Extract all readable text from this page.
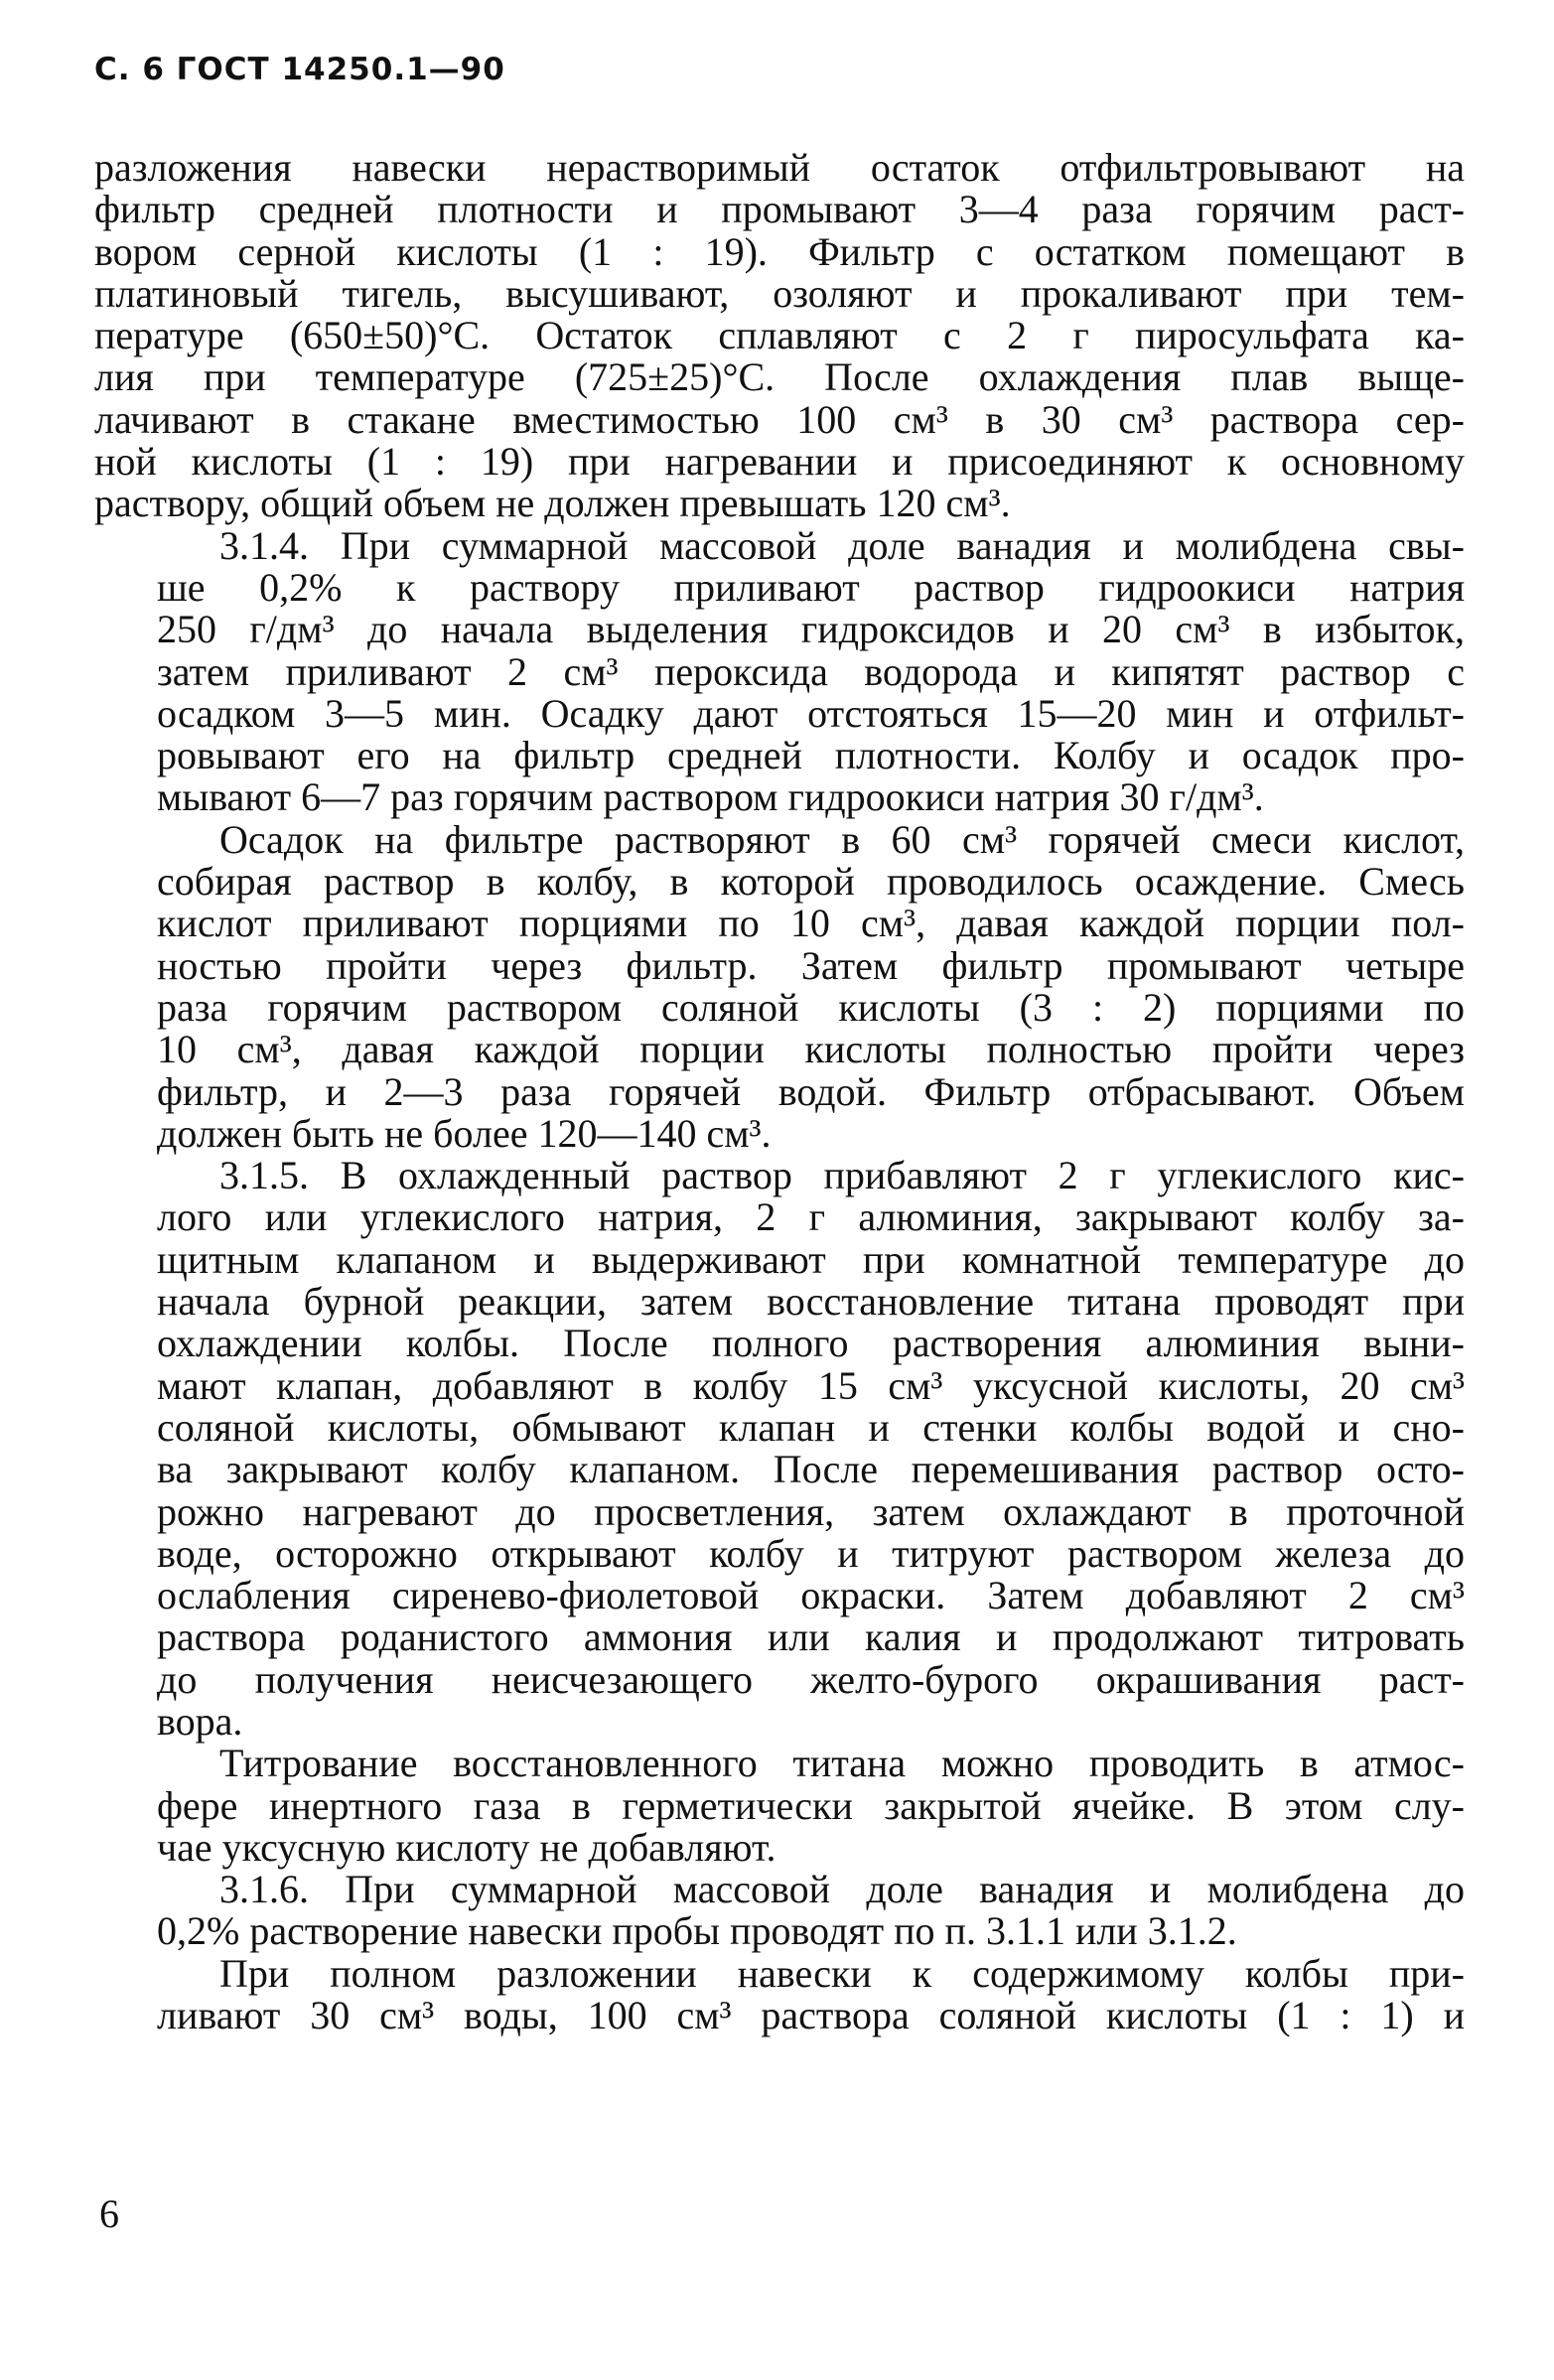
С. 6 ГОСТ 14250.1—90
разложения навески нерастворимый остаток отфильтровывают на
фильтр средней плотности и промывают 3—4 раза горячим раст-
вором серной кислоты (1 : 19). Фильтр с остатком помещают в
платиновый тигель, высушивают, озоляют и прокаливают при тем-
пературе (650±50)°С. Остаток сплавляют с 2 г пиросульфата ка-
лия при температуре (725±25)°С. После охлаждения плав выще-
лачивают в стакане вместимостью 100 см³ в 30 см³ раствора сер-
ной кислоты (1 : 19) при нагревании и присоединяют к основному
раствору, общий объем не должен превышать 120 см³.
3.1.4. При суммарной массовой доле ванадия и молибдена свы-
ше 0,2% к раствору приливают раствор гидроокиси натрия
250 г/дм³ до начала выделения гидроксидов и 20 см³ в избыток,
затем приливают 2 см³ пероксида водорода и кипятят раствор с
осадком 3—5 мин. Осадку дают отстояться 15—20 мин и отфильт-
ровывают его на фильтр средней плотности. Колбу и осадок про-
мывают 6—7 раз горячим раствором гидроокиси натрия 30 г/дм³.
Осадок на фильтре растворяют в 60 см³ горячей смеси кислот,
собирая раствор в колбу, в которой проводилось осаждение. Смесь
кислот приливают порциями по 10 см³, давая каждой порции пол-
ностью пройти через фильтр. Затем фильтр промывают четыре
раза горячим раствором соляной кислоты (3 : 2) порциями по
10 см³, давая каждой порции кислоты полностью пройти через
фильтр, и 2—3 раза горячей водой. Фильтр отбрасывают. Объем
должен быть не более 120—140 см³.
3.1.5. В охлажденный раствор прибавляют 2 г углекислого кис-
лого или углекислого натрия, 2 г алюминия, закрывают колбу за-
щитным клапаном и выдерживают при комнатной температуре до
начала бурной реакции, затем восстановление титана проводят при
охлаждении колбы. После полного растворения алюминия выни-
мают клапан, добавляют в колбу 15 см³ уксусной кислоты, 20 см³
соляной кислоты, обмывают клапан и стенки колбы водой и сно-
ва закрывают колбу клапаном. После перемешивания раствор осто-
рожно нагревают до просветления, затем охлаждают в проточной
воде, осторожно открывают колбу и титруют раствором железа до
ослабления сиренево-фиолетовой окраски. Затем добавляют 2 см³
раствора роданистого аммония или калия и продолжают титровать
до получения неисчезающего желто-бурого окрашивания раст-
вора.
Титрование восстановленного титана можно проводить в атмос-
фере инертного газа в герметически закрытой ячейке. В этом слу-
чае уксусную кислоту не добавляют.
3.1.6. При суммарной массовой доле ванадия и молибдена до
0,2% растворение навески пробы проводят по п. 3.1.1 или 3.1.2.
При полном разложении навески к содержимому колбы при-
ливают 30 см³ воды, 100 см³ раствора соляной кислоты (1 : 1) и
6
